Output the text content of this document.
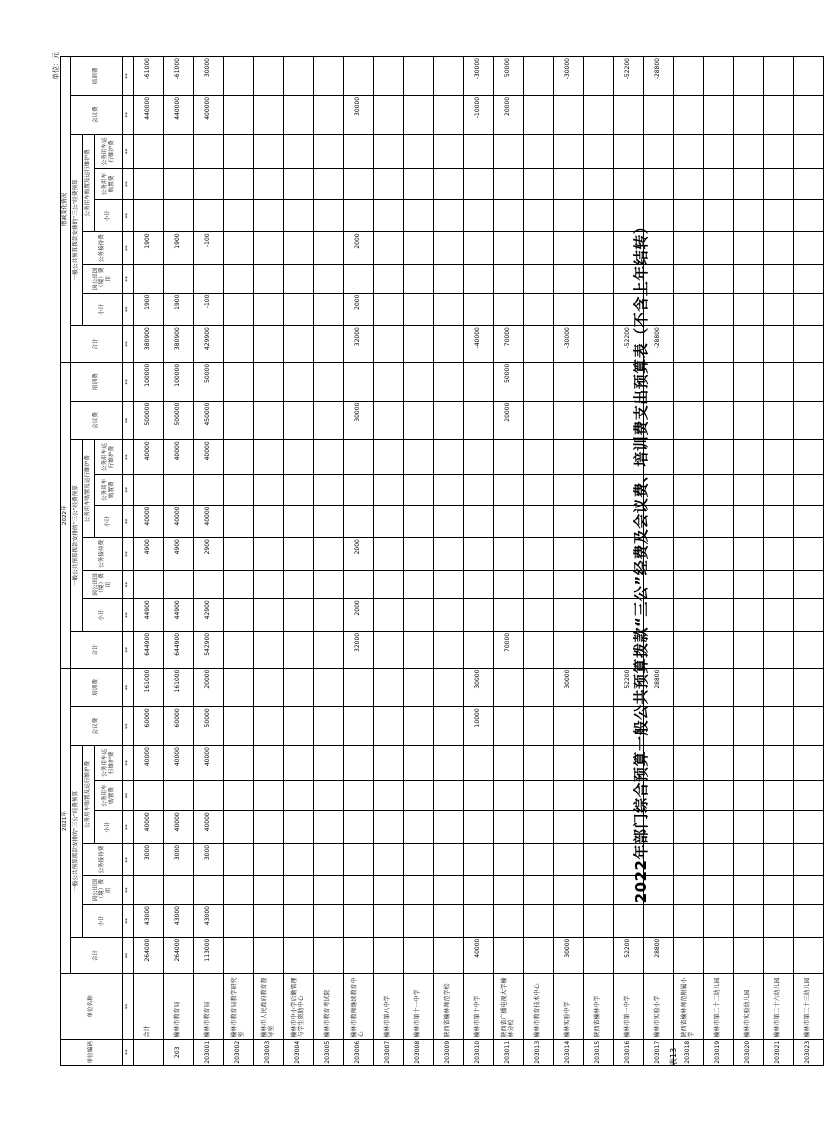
表13
2022年部门综合预算一般公共预算拨款“三公”经费及会议费、培训费支出预算表（不含上年结转）
单位：元
单位编码	单位名称	2021年									2022年									增减变化情况								
		合计	一般公共预算拨款安排的“三公”经费预算						会议费	培训费	合计	一般公共预算拨款安排的“三公”经费预算						会议费	培训费	合计	一般公共预算拨款安排的“三公”经费预算						会议费	培训费
			小计	因公出国（境）费用	公务接待费	公务用车购置及运行维护费						小计	因公出国（境）费用	公务接待费	公务用车购置及运行维护费						小计	因公出国（境）费用	公务接待费	公务用车购置及运行维护费				
						小计	公务用车购置费	公务用车运行维护费							小计	公务用车购置费	公务用车运行维护费							小计	公务用车购置费	公务用车运行维护费		

**	**	**	**	**	**	**	**	**	**	**	**	**	**	**	**	**	**	**	**	**	**	**	**	**	**	**	**	**
	合计	264000	43000		3000	40000		40000	60000	161000	644900	44900		4900	40000		40000	500000	100000	380900	1900		1900				440000	-61000
203	榆林市教育局	264000	43000		3000	40000		40000	60000	161000	644900	44900		4900	40000		40000	500000	100000	380900	1900		1900				440000	-61000
203001	榆林市教育局	113000	43000		3000	40000		40000	50000	20000	542900	42900		2900	40000		40000	450000	50000	429900	-100		-100				400000	30000
203002	榆林市教育局教学研究室																											
203003	榆林市人民政府教育督导室																											
203004	榆林市中小学后勤管理与学生资助中心																											
203005	榆林市教育考试院																											
203006	榆林市教师继续教育中心										32000	2000		2000				30000		32000	2000		2000				30000	
203007	榆林市第八中学																											
203008	榆林市第十一中学																											
203009	陕西省榆林师范学校																											
203010	榆林市第十中学	40000							10000	30000										-40000							-10000	-30000
203011	陕西省广播电视大学榆林分校										70000							20000	50000	70000							20000	50000
203013	榆林市教育技术中心																											
203014	榆林实验中学	30000								30000										-30000								-30000
203015	陕西省榆林中学																											
203016	榆林市第一中学	52200								52200										-52200								-52200
203017	榆林市实验小学	28800								28800										-28800								-28800
203018	陕西省榆林师范附属小学																											
203019	榆林市第二十二幼儿园																											
203020	榆林市实验幼儿园																											
203021	榆林市第二十六幼儿园																											
203023	榆林市第二十三幼儿园																											
